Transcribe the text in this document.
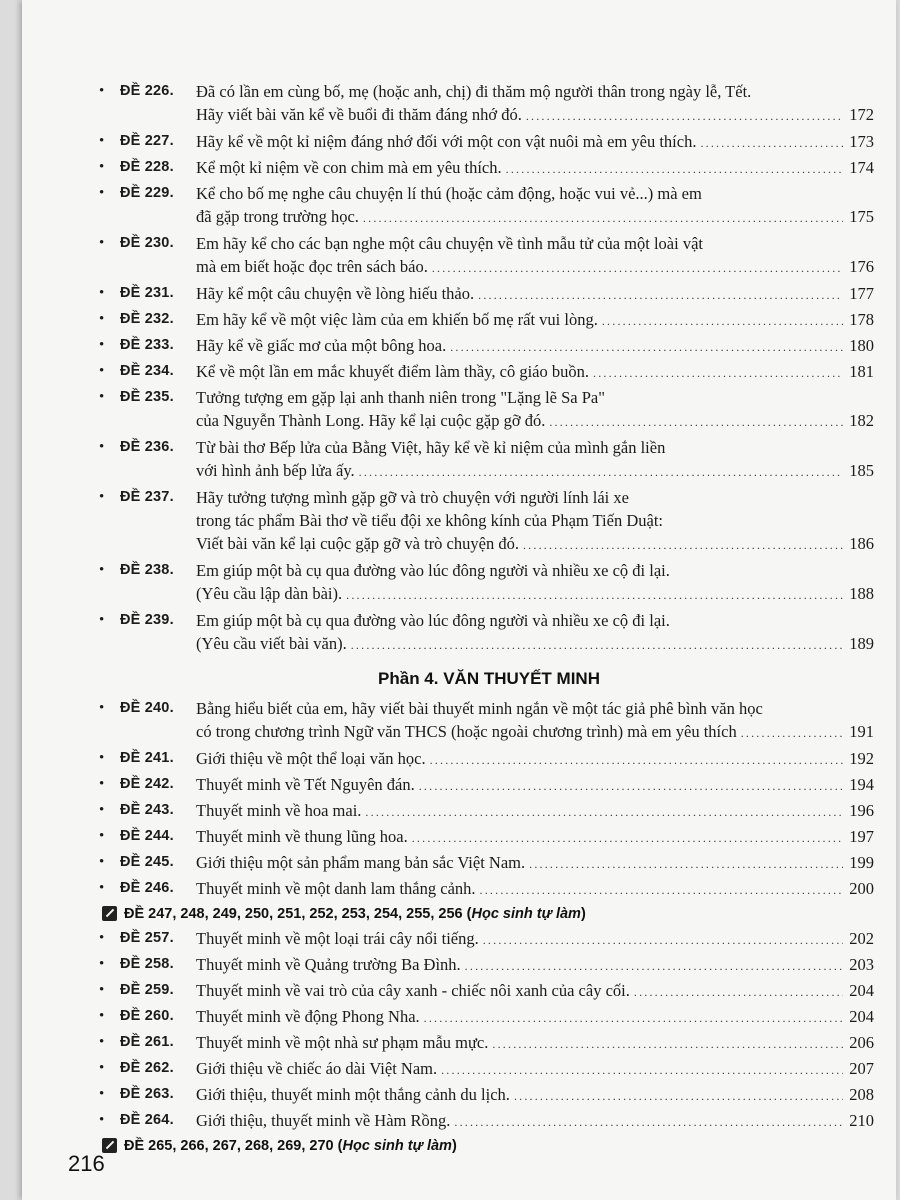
• ĐỀ 226. Đã có lần em cùng bố, mẹ (hoặc anh, chị) đi thăm mộ người thân trong ngày lễ, Tết.
Hãy viết bài văn kể về buổi đi thăm đáng nhớ đó. .....	172
• ĐỀ 227. Hãy kể về một kỉ niệm đáng nhớ đối với một con vật nuôi mà em yêu thích. .....	173
• ĐỀ 228. Kể một kỉ niệm về con chim mà em yêu thích. .....	174
• ĐỀ 229. Kể cho bố mẹ nghe câu chuyện lí thú (hoặc cảm động, hoặc vui vẻ...) mà em
đã gặp trong trường học. .....	175
• ĐỀ 230. Em hãy kể cho các bạn nghe một câu chuyện về tình mẫu tử của một loài vật
mà em biết hoặc đọc trên sách báo. .....	176
• ĐỀ 231. Hãy kể một câu chuyện về lòng hiếu thảo. .....	177
• ĐỀ 232. Em hãy kể về một việc làm của em khiến bố mẹ rất vui lòng. .....	178
• ĐỀ 233. Hãy kể về giấc mơ của một bông hoa. .....	180
• ĐỀ 234. Kể về một lần em mắc khuyết điểm làm thầy, cô giáo buồn. .....	181
• ĐỀ 235. Tưởng tượng em gặp lại anh thanh niên trong "Lặng lẽ Sa Pa"
của Nguyễn Thành Long. Hãy kể lại cuộc gặp gỡ đó. .....	182
• ĐỀ 236. Từ bài thơ Bếp lửa của Bằng Việt, hãy kể về kỉ niệm của mình gắn liền
với hình ảnh bếp lửa ấy. .....	185
• ĐỀ 237. Hãy tưởng tượng mình gặp gỡ và trò chuyện với người lính lái xe
trong tác phẩm Bài thơ về tiểu đội xe không kính của Phạm Tiến Duật:
Viết bài văn kể lại cuộc gặp gỡ và trò chuyện đó. .....	186
• ĐỀ 238. Em giúp một bà cụ qua đường vào lúc đông người và nhiều xe cộ đi lại.
(Yêu cầu lập dàn bài). .....	188
• ĐỀ 239. Em giúp một bà cụ qua đường vào lúc đông người và nhiều xe cộ đi lại.
(Yêu cầu viết bài văn). .....	189
Phần 4. VĂN THUYẾT MINH
• ĐỀ 240. Bằng hiểu biết của em, hãy viết bài thuyết minh ngắn về một tác giả phê bình văn học
có trong chương trình Ngữ văn THCS (hoặc ngoài chương trình) mà em yêu thích .....	191
• ĐỀ 241. Giới thiệu về một thể loại văn học. .....	192
• ĐỀ 242. Thuyết minh về Tết Nguyên đán. .....	194
• ĐỀ 243. Thuyết minh về hoa mai. .....	196
• ĐỀ 244. Thuyết minh về thung lũng hoa. .....	197
• ĐỀ 245. Giới thiệu một sản phẩm mang bản sắc Việt Nam. .....	199
• ĐỀ 246. Thuyết minh về một danh lam thắng cảnh. .....	200
ĐỀ 247, 248, 249, 250, 251, 252, 253, 254, 255, 256 (Học sinh tự làm)
• ĐỀ 257. Thuyết minh về một loại trái cây nổi tiếng. .....	202
• ĐỀ 258. Thuyết minh về Quảng trường Ba Đình. .....	203
• ĐỀ 259. Thuyết minh về vai trò của cây xanh - chiếc nôi xanh của cây cối. .....	204
• ĐỀ 260. Thuyết minh về động Phong Nha. .....	204
• ĐỀ 261. Thuyết minh về một nhà sư phạm mẫu mực. .....	206
• ĐỀ 262. Giới thiệu về chiếc áo dài Việt Nam. .....	207
• ĐỀ 263. Giới thiệu, thuyết minh một thắng cảnh du lịch. .....	208
• ĐỀ 264. Giới thiệu, thuyết minh về Hàm Rồng. .....	210
ĐỀ 265, 266, 267, 268, 269, 270 (Học sinh tự làm)
216
